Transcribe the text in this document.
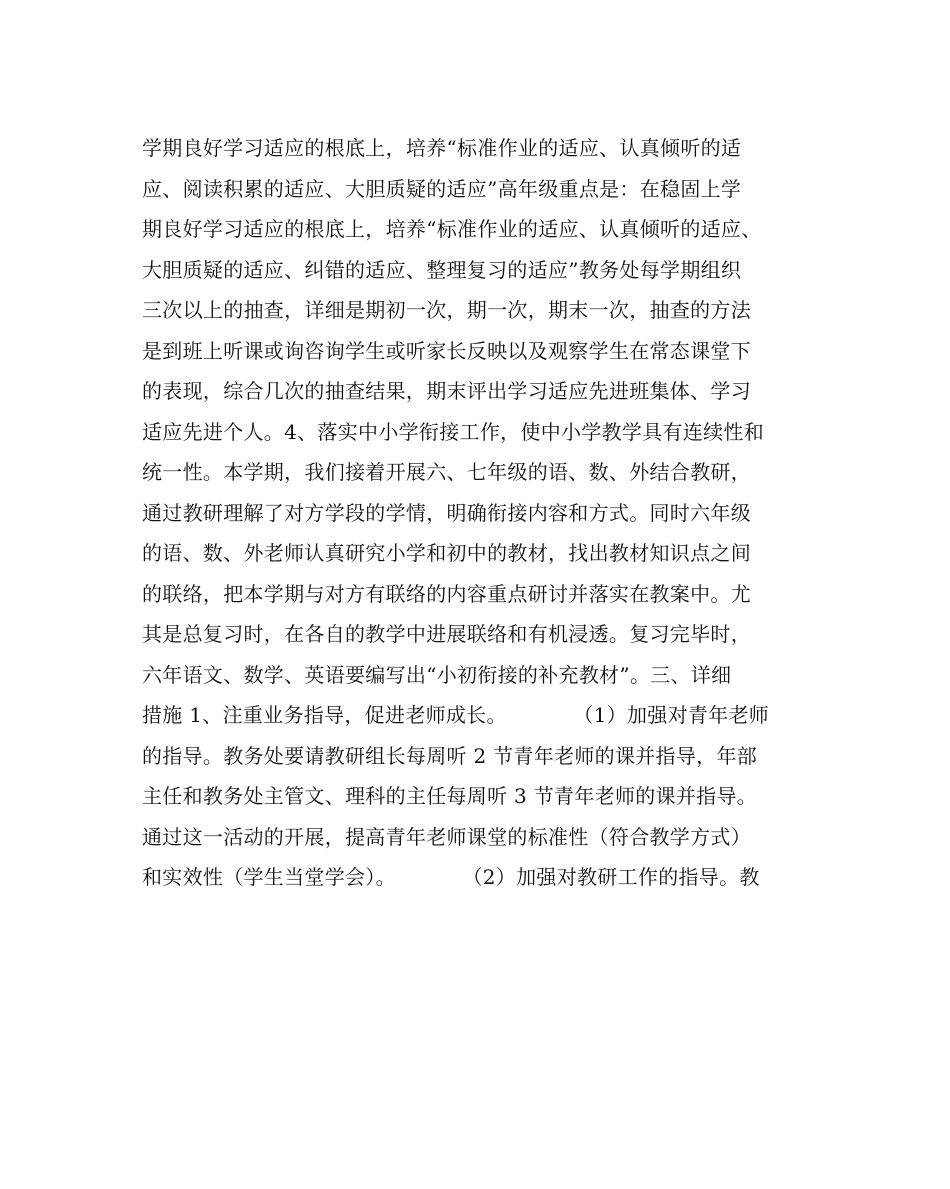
学期良好学习适应的根底上，培养“标准作业的适应、认真倾听的适
应、阅读积累的适应、大胆质疑的适应”高年级重点是：在稳固上学
期良好学习适应的根底上，培养“标准作业的适应、认真倾听的适应、
大胆质疑的适应、纠错的适应、整理复习的适应”教务处每学期组织
三次以上的抽查，详细是期初一次，期一次，期末一次，抽查的方法
是到班上听课或询咨询学生或听家长反映以及观察学生在常态课堂下
的表现，综合几次的抽查结果，期末评出学习适应先进班集体、学习
适应先进个人。4、落实中小学衔接工作，使中小学教学具有连续性和
统一性。本学期，我们接着开展六、七年级的语、数、外结合教研，
通过教研理解了对方学段的学情，明确衔接内容和方式。同时六年级
的语、数、外老师认真研究小学和初中的教材，找出教材知识点之间
的联络，把本学期与对方有联络的内容重点研讨并落实在教案中。尤
其是总复习时，在各自的教学中进展联络和有机浸透。复习完毕时，
六年语文、数学、英语要编写出“小初衔接的补充教材”。三、详细
措施 1、注重业务指导，促进老师成长。          （1）加强对青年老师
的指导。教务处要请教研组长每周听 2 节青年老师的课并指导，年部
主任和教务处主管文、理科的主任每周听 3 节青年老师的课并指导。
通过这一活动的开展，提高青年老师课堂的标准性（符合教学方式）
和实效性（学生当堂学会）。          （2）加强对教研工作的指导。教
